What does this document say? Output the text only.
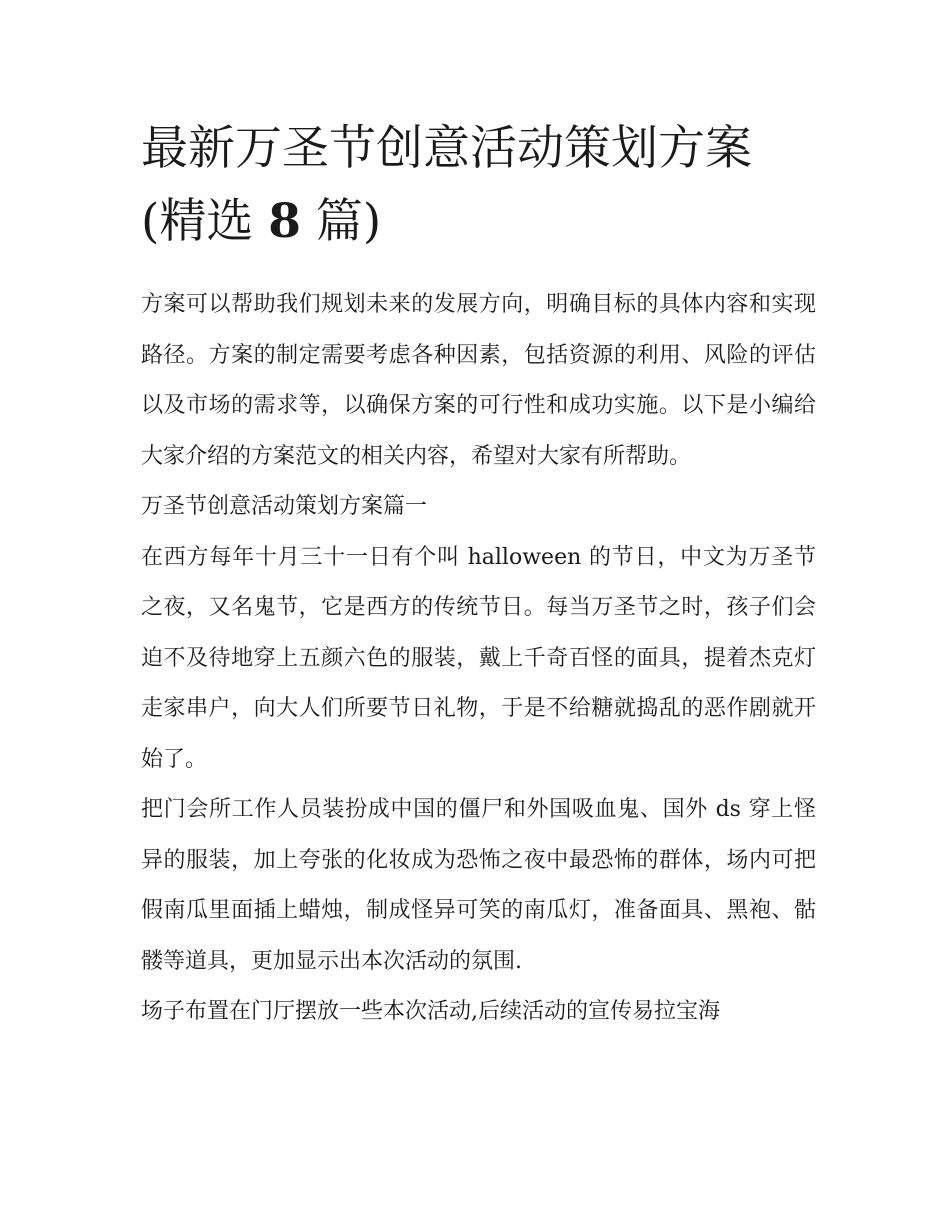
最新万圣节创意活动策划方案
(精选 8 篇)

方案可以帮助我们规划未来的发展方向，明确目标的具体内容和实现路径。方案的制定需要考虑各种因素，包括资源的利用、风险的评估以及市场的需求等，以确保方案的可行性和成功实施。以下是小编给大家介绍的方案范文的相关内容，希望对大家有所帮助。

万圣节创意活动策划方案篇一

在西方每年十月三十一日有个叫 halloween 的节日，中文为万圣节之夜，又名鬼节，它是西方的传统节日。每当万圣节之时，孩子们会迫不及待地穿上五颜六色的服装，戴上千奇百怪的面具，提着杰克灯走家串户，向大人们所要节日礼物，于是不给糖就捣乱的恶作剧就开始了。

把门会所工作人员装扮成中国的僵尸和外国吸血鬼、国外 ds 穿上怪异的服装，加上夸张的化妆成为恐怖之夜中最恐怖的群体，场内可把假南瓜里面插上蜡烛，制成怪异可笑的南瓜灯，准备面具、黑袍、骷髅等道具，更加显示出本次活动的氛围.

场子布置在门厅摆放一些本次活动,后续活动的宣传易拉宝海
